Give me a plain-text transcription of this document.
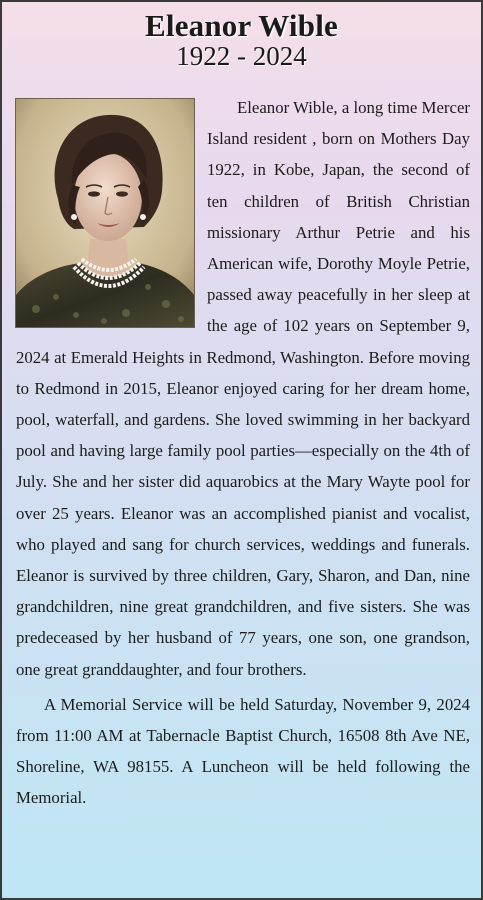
Eleanor Wible
1922 - 2024

Eleanor Wible, a long time Mercer Island resident , born on Mothers Day 1922, in Kobe, Japan, the second of ten children of British Christian missionary Arthur Petrie and his American wife, Dorothy Moyle Petrie, passed away peacefully in her sleep at the age of 102 years on September 9, 2024 at Emerald Heights in Redmond, Washington. Before moving to Redmond in 2015, Eleanor enjoyed caring for her dream home, pool, waterfall, and gardens. She loved swimming in her backyard pool and having large family pool parties—especially on the 4th of July. She and her sister did aquarobics at the Mary Wayte pool for over 25 years. Eleanor was an accomplished pianist and vocalist, who played and sang for church services, weddings and funerals. Eleanor is survived by three children, Gary, Sharon, and Dan, nine grandchildren, nine great grandchildren, and five sisters. She was predeceased by her husband of 77 years, one son, one grandson, one great granddaughter, and four brothers.

A Memorial Service will be held Saturday, November 9, 2024 from 11:00 AM at Tabernacle Baptist Church, 16508 8th Ave NE, Shoreline, WA 98155. A Luncheon will be held following the Memorial.
